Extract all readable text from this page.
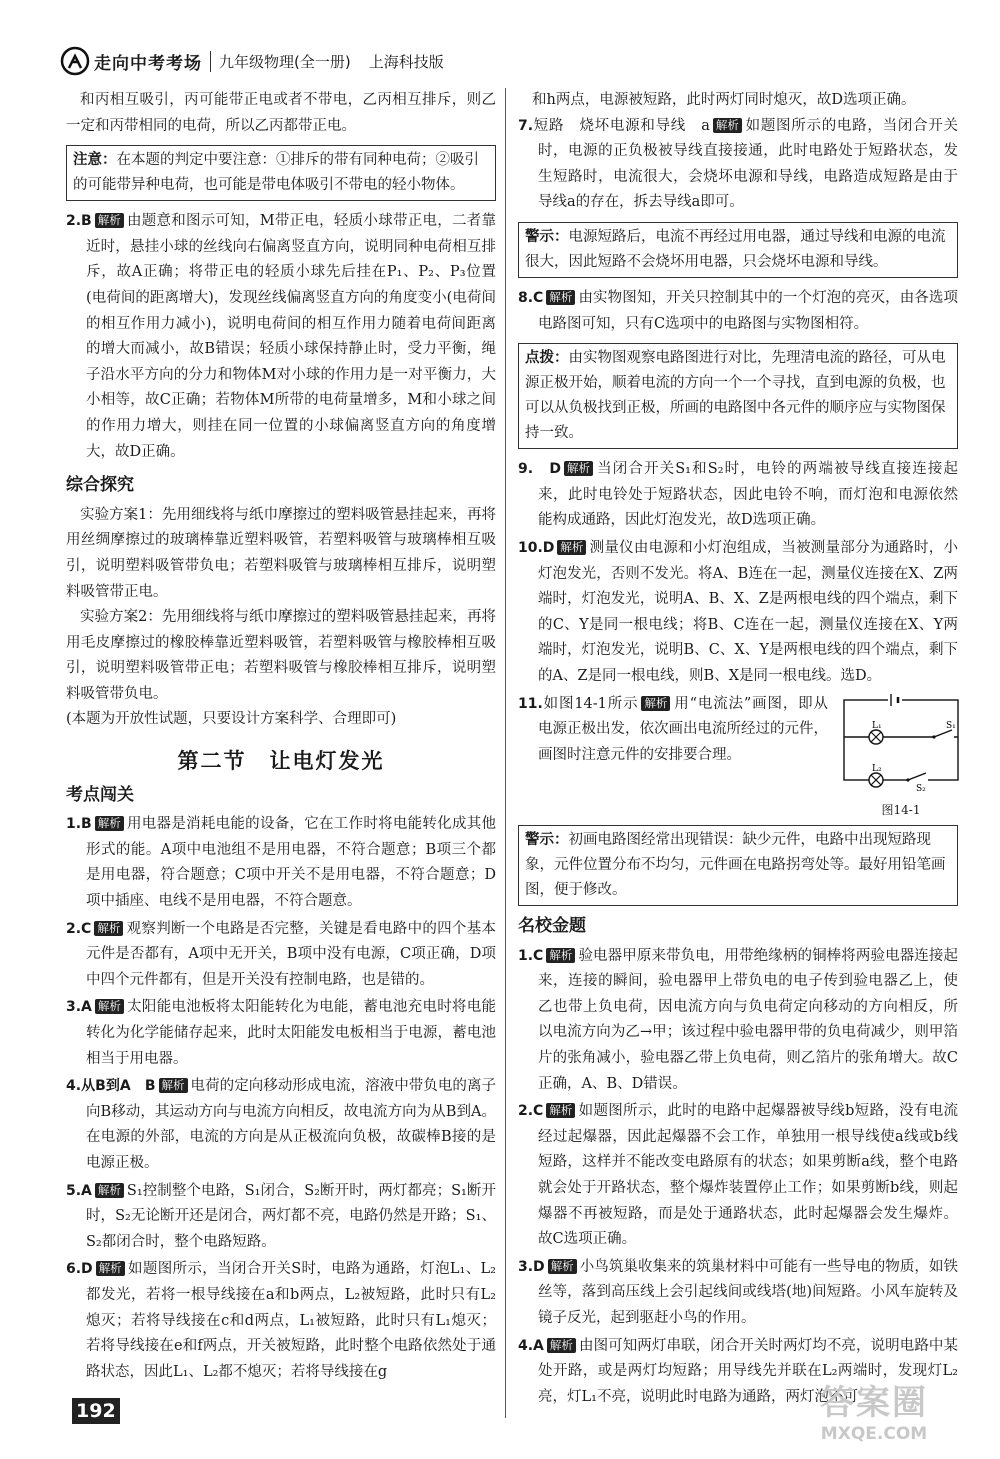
走向中考考场	九年级物理(全一册) 上海科技版

和丙相互吸引，丙可能带正电或者不带电，乙丙相互排斥，则乙一定和丙带相同的电荷，所以乙丙都带正电。

注意：在本题的判定中要注意：①排斥的带有同种电荷；②吸引的可能带异种电荷，也可能是带电体吸引不带电的轻小物体。

2.B 解析 由题意和图示可知，M带正电，轻质小球带正电，二者靠近时，悬挂小球的丝线向右偏离竖直方向，说明同种电荷相互排斥，故A正确；将带正电的轻质小球先后挂在P₁、P₂、P₃位置(电荷间的距离增大)，发现丝线偏离竖直方向的角度变小(电荷间的相互作用力减小)，说明电荷间的相互作用力随着电荷间距离的增大而减小，故B错误；轻质小球保持静止时，受力平衡，绳子沿水平方向的分力和物体M对小球的作用力是一对平衡力，大小相等，故C正确；若物体M所带的电荷量增多，M和小球之间的作用力增大，则挂在同一位置的小球偏离竖直方向的角度增大，故D正确。

综合探究

实验方案1：先用细线将与纸巾摩擦过的塑料吸管悬挂起来，再将用丝绸摩擦过的玻璃棒靠近塑料吸管，若塑料吸管与玻璃棒相互吸引，说明塑料吸管带负电；若塑料吸管与玻璃棒相互排斥，说明塑料吸管带正电。

实验方案2：先用细线将与纸巾摩擦过的塑料吸管悬挂起来，再将用毛皮摩擦过的橡胶棒靠近塑料吸管，若塑料吸管与橡胶棒相互吸引，说明塑料吸管带正电；若塑料吸管与橡胶棒相互排斥，说明塑料吸管带负电。

(本题为开放性试题，只要设计方案科学、合理即可)

第二节　让电灯发光
考点闯关

1.B 解析 用电器是消耗电能的设备，它在工作时将电能转化成其他形式的能。A项中电池组不是用电器，不符合题意；B项三个都是用电器，符合题意；C项中开关不是用电器，不符合题意；D项中插座、电线不是用电器，不符合题意。

2.C 解析 观察判断一个电路是否完整，关键是看电路中的四个基本元件是否都有，A项中无开关，B项中没有电源，C项正确，D项中四个元件都有，但是开关没有控制电路，也是错的。

3.A 解析 太阳能电池板将太阳能转化为电能，蓄电池充电时将电能转化为化学能储存起来，此时太阳能发电板相当于电源，蓄电池相当于用电器。

4.从B到A　B 解析 电荷的定向移动形成电流，溶液中带负电的离子向B移动，其运动方向与电流方向相反，故电流方向为从B到A。在电源的外部，电流的方向是从正极流向负极，故碳棒B接的是电源正极。

5.A 解析 S₁控制整个电路，S₁闭合，S₂断开时，两灯都亮；S₁断开时，S₂无论断开还是闭合，两灯都不亮，电路仍然是开路；S₁、S₂都闭合时，整个电路短路。

6.D 解析 如题图所示，当闭合开关S时，电路为通路，灯泡L₁、L₂都发光，若将一根导线接在a和b两点，L₂被短路，此时只有L₂熄灭；若将导线接在c和d两点，L₁被短路，此时只有L₁熄灭；若将导线接在e和f两点，开关被短路，此时整个电路依然处于通路状态，因此L₁、L₂都不熄灭；若将导线接在g

和h两点，电源被短路，此时两灯同时熄灭，故D选项正确。

7.短路　烧坏电源和导线　a 解析 如题图所示的电路，当闭合开关时，电源的正负极被导线直接接通，此时电路处于短路状态，发生短路时，电流很大，会烧坏电源和导线，电路造成短路是由于导线a的存在，拆去导线a即可。

警示：电源短路后，电流不再经过用电器，通过导线和电源的电流很大，因此短路不会烧坏用电器，只会烧坏电源和导线。

8.C 解析 由实物图知，开关只控制其中的一个灯泡的亮灭，由各选项电路图可知，只有C选项中的电路图与实物图相符。

点拨：由实物图观察电路图进行对比，先理清电流的路径，可从电源正极开始，顺着电流的方向一个一个寻找，直到电源的负极，也可以从负极找到正极，所画的电路图中各元件的顺序应与实物图保持一致。

9.　D 解析 当闭合开关S₁和S₂时，电铃的两端被导线直接连接起来，此时电铃处于短路状态，因此电铃不响，而灯泡和电源依然能构成通路，因此灯泡发光，故D选项正确。

10.D 解析 测量仪由电源和小灯泡组成，当被测量部分为通路时，小灯泡发光，否则不发光。将A、B连在一起，测量仪连接在X、Z两端时，灯泡发光，说明A、B、X、Z是两根电线的四个端点，剩下的C、Y是同一根电线；将B、C连在一起，测量仪连接在X、Y两端时，灯泡发光，说明B、C、X、Y是两根电线的四个端点，剩下的A、Z是同一根电线，则B、X是同一根电线。选D。

11.如图14-1所示 解析 用“电流法”画图，即从电源正极出发，依次画出电流所经过的元件，画图时注意元件的安排要合理。

L₁
L₂
S₁
S₂
图14-1
警示：初画电路图经常出现错误：缺少元件，电路中出现短路现象，元件位置分布不均匀，元件画在电路拐弯处等。最好用铅笔画图，便于修改。
名校金题

1.C 解析 验电器甲原来带负电，用带绝缘柄的铜棒将两验电器连接起来，连接的瞬间，验电器甲上带负电的电子传到验电器乙上，使乙也带上负电荷，因电流方向与负电荷定向移动的方向相反，所以电流方向为乙→甲；该过程中验电器甲带的负电荷减少，则甲箔片的张角减小，验电器乙带上负电荷，则乙箔片的张角增大。故C正确，A、B、D错误。

2.C 解析 如题图所示，此时的电路中起爆器被导线b短路，没有电流经过起爆器，因此起爆器不会工作，单独用一根导线使a线或b线短路，这样并不能改变电路原有的状态；如果剪断a线，整个电路就会处于开路状态，整个爆炸装置停止工作；如果剪断b线，则起爆器不再被短路，而是处于通路状态，此时起爆器会发生爆炸。故C选项正确。

3.D 解析 小鸟筑巢收集来的筑巢材料中可能有一些导电的物质，如铁丝等，落到高压线上会引起线间或线塔(地)间短路。小风车旋转及镜子反光，起到驱赶小鸟的作用。

4.A 解析 由图可知两灯串联，闭合开关时两灯均不亮，说明电路中某处开路，或是两灯均短路；用导线先并联在L₂两端时，发现灯L₂亮，灯L₁不亮，说明此时电路为通路，两灯泡不可

192	答案圈
MXQE.COM
